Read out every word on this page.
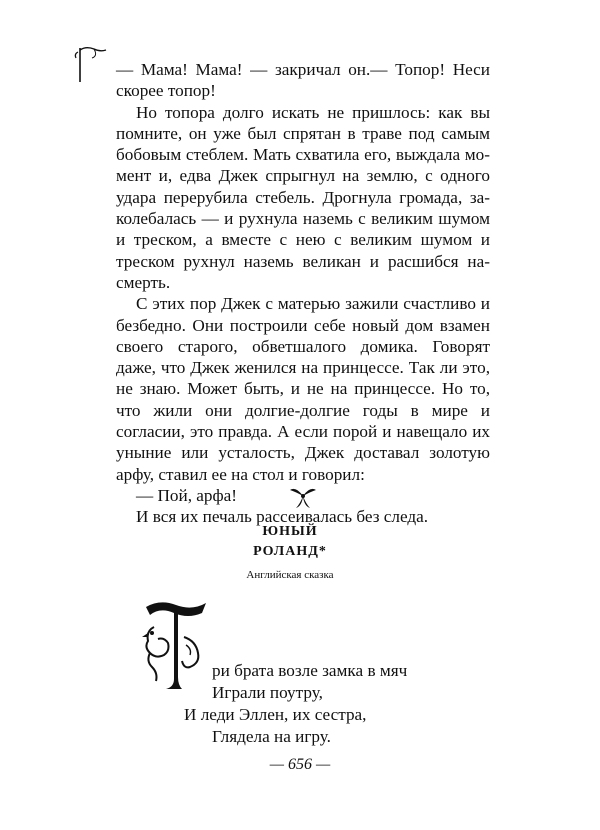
— Мама! Мама! — закричал он.— Топор! Неси скорее топор!

Но топора долго искать не пришлось: как вы помните, он уже был спрятан в траве под самым бобовым стеблем. Мать схватила его, выждала момент и, едва Джек спрыгнул на землю, с одного удара перерубила стебель. Дрогнула громада, заколебалась — и рухнула наземь с великим шумом и треском, а вместе с нею с великим шумом и треском рухнул наземь великан и расшибся насмерть.

С этих пор Джек с матерью зажили счастливо и безбедно. Они построили себе новый дом взамен своего старого, обветшалого домика. Говорят даже, что Джек женился на принцессе. Так ли это, не знаю. Может быть, и не на принцессе. Но то, что жили они долгие-долгие годы в мире и согласии, это правда. А если порой и навещало их уныние или усталость, Джек доставал золотую арфу, ставил ее на стол и говорил:

— Пой, арфа!

И вся их печаль рассеивалась без следа.

ЮНЫЙ
РОЛАНД*
Английская сказка
ри брата возле замка в мяч
Играли поутру,
И леди Эллен, их сестра,
Глядела на игру.
— 656 —
